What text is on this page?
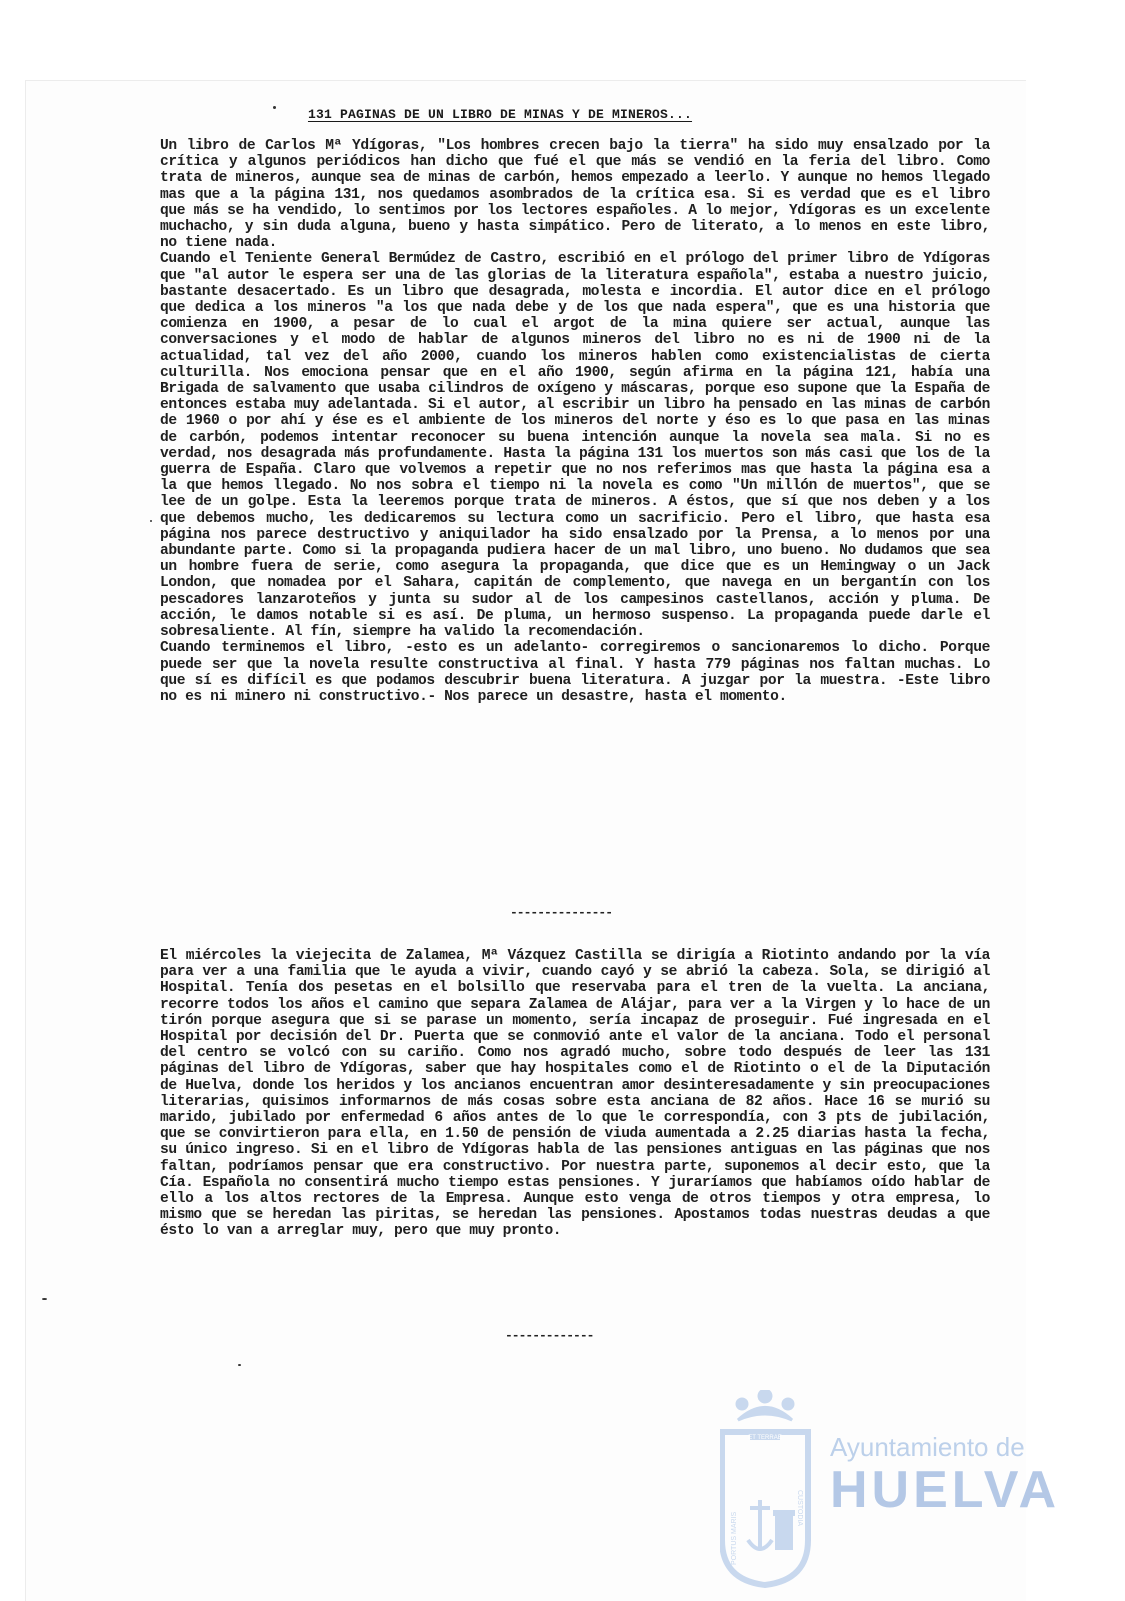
131 PAGINAS DE UN LIBRO DE MINAS Y DE MINEROS...
Un libro de Carlos Mª Ydígoras, "Los hombres crecen bajo la tierra" ha sido muy ensalzado por la crítica y algunos periódicos han dicho que fué el que más se vendió en la feria del libro. Como trata de mineros, aunque sea de minas de carbón, hemos empezado a leerlo. Y aunque no hemos llegado mas que a la página 131, nos quedamos asombrados de la crítica esa. Si es verdad que es el libro que más se ha vendido, lo sentimos por los lectores españoles. A lo mejor, Ydígoras es un excelente muchacho, y sin duda alguna, bueno y hasta simpático. Pero de literato, a lo menos en este libro, no tiene nada.
Cuando el Teniente General Bermúdez de Castro, escribió en el prólogo del primer libro de Ydígoras que "al autor le espera ser una de las glorias de la literatura española", estaba a nuestro juicio, bastante desacertado. Es un libro que desagrada, molesta e incordia. El autor dice en el prólogo que dedica a los mineros "a los que nada debe y de los que nada espera", que es una historia que comienza en 1900, a pesar de lo cual el argot de la mina quiere ser actual, aunque las conversaciones y el modo de hablar de algunos mineros del libro no es ni de 1900 ni de la actualidad, tal vez del año 2000, cuando los mineros hablen como existencialistas de cierta culturilla. Nos emociona pensar que en el año 1900, según afirma en la página 121, había una Brigada de salvamento que usaba cilindros de oxígeno y máscaras, porque eso supone que la España de entonces estaba muy adelantada. Si el autor, al escribir un libro ha pensado en las minas de carbón de 1960 o por ahí y ése es el ambiente de los mineros del norte y éso es lo que pasa en las minas de carbón, podemos intentar reconocer su buena intención aunque la novela sea mala. Si no es verdad, nos desagrada más profundamente. Hasta la página 131 los muertos son más casi que los de la guerra de España. Claro que volvemos a repetir que no nos referimos mas que hasta la página esa a la que hemos llegado. No nos sobra el tiempo ni la novela es como "Un millón de muertos", que se lee de un golpe. Esta la leeremos porque trata de mineros. A éstos, que sí que nos deben y a los que debemos mucho, les dedicaremos su lectura como un sacrificio. Pero el libro, que hasta esa página nos parece destructivo y aniquilador ha sido ensalzado por la Prensa, a lo menos por una abundante parte. Como si la propaganda pudiera hacer de un mal libro, uno bueno. No dudamos que sea un hombre fuera de serie, como asegura la propaganda, que dice que es un Hemingway o un Jack London, que nomadea por el Sahara, capitán de complemento, que navega en un bergantín con los pescadores lanzaroteños y junta su sudor al de los campesinos castellanos, acción y pluma. De acción, le damos notable si es así. De pluma, un hermoso suspenso. La propaganda puede darle el sobresaliente. Al fín, siempre ha valido la recomendación.
Cuando terminemos el libro, -esto es un adelanto- corregiremos o sancionaremos lo dicho. Porque puede ser que la novela resulte constructiva al final. Y hasta 779 páginas nos faltan muchas. Lo que sí es difícil es que podamos descubrir buena literatura. A juzgar por la muestra. -Este libro no es ni minero ni constructivo.- Nos parece un desastre, hasta el momento.
---------------
El miércoles la viejecita de Zalamea, Mª Vázquez Castilla se dirigía a Riotinto andando por la vía para ver a una familia que le ayuda a vivir, cuando cayó y se abrió la cabeza. Sola, se dirigió al Hospital. Tenía dos pesetas en el bolsillo que reservaba para el tren de la vuelta. La anciana, recorre todos los años el camino que separa Zalamea de Alájar, para ver a la Virgen y lo hace de un tirón porque asegura que si se parase un momento, sería incapaz de proseguir. Fué ingresada en el Hospital por decisión del Dr. Puerta que se conmovió ante el valor de la anciana. Todo el personal del centro se volcó con su cariño. Como nos agradó mucho, sobre todo después de leer las 131 páginas del libro de Ydígoras, saber que hay hospitales como el de Riotinto o el de la Diputación de Huelva, donde los heridos y los ancianos encuentran amor desinteresadamente y sin preocupaciones literarias, quisimos informarnos de más cosas sobre esta anciana de 82 años. Hace 16 se murió su marido, jubilado por enfermedad 6 años antes de lo que le correspondía, con 3 pts de jubilación, que se convirtieron para ella, en 1.50 de pensión de viuda aumentada a 2.25 diarias hasta la fecha, su único ingreso. Si en el libro de Ydígoras habla de las pensiones antiguas en las páginas que nos faltan, podríamos pensar que era constructivo. Por nuestra parte, suponemos al decir esto, que la Cía. Española no consentirá mucho tiempo estas pensiones. Y juraríamos que habíamos oído hablar de ello a los altos rectores de la Empresa. Aunque esto venga de otros tiempos y otra empresa, lo mismo que se heredan las piritas, se heredan las pensiones. Apostamos todas nuestras deudas a que ésto lo van a arreglar muy, pero que muy pronto.
-------------
ET TERRAE
PORTUS MARIS
CUSTODIA
Ayuntamiento de
HUELVA
